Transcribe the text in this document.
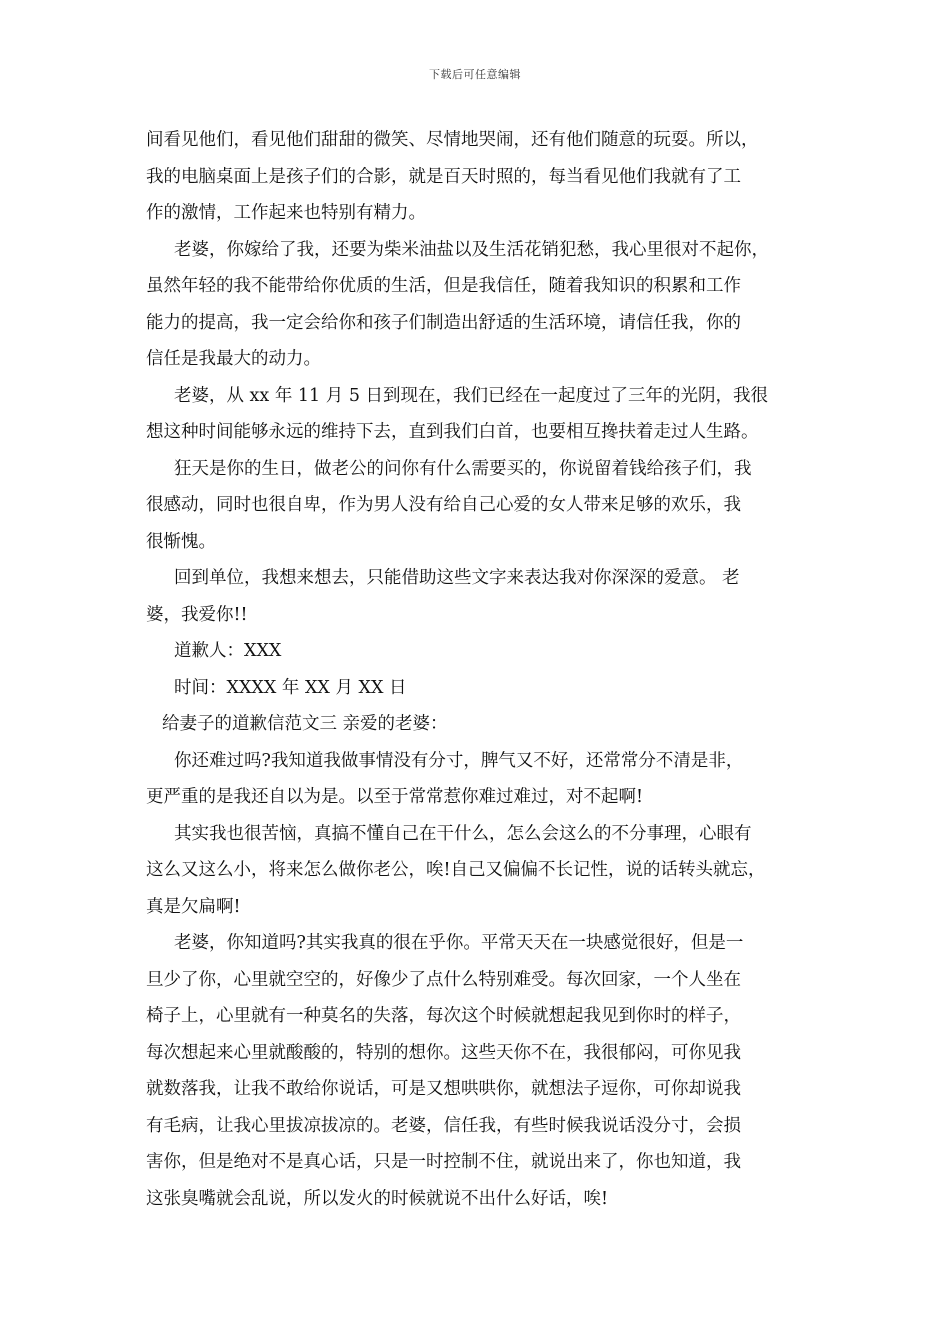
下载后可任意编辑
间看见他们，看见他们甜甜的微笑、尽情地哭闹，还有他们随意的玩耍。所以，
我的电脑桌面上是孩子们的合影，就是百天时照的，每当看见他们我就有了工
作的激情，工作起来也特别有精力。
老婆，你嫁给了我，还要为柴米油盐以及生活花销犯愁，我心里很对不起你，
虽然年轻的我不能带给你优质的生活，但是我信任，随着我知识的积累和工作
能力的提高，我一定会给你和孩子们制造出舒适的生活环境，请信任我，你的
信任是我最大的动力。
老婆，从 xx 年 11 月 5 日到现在，我们已经在一起度过了三年的光阴，我很
想这种时间能够永远的维持下去，直到我们白首，也要相互搀扶着走过人生路。
狂天是你的生日，做老公的问你有什么需要买的，你说留着钱给孩子们，我
很感动，同时也很自卑，作为男人没有给自己心爱的女人带来足够的欢乐，我
很惭愧。
回到单位，我想来想去，只能借助这些文字来表达我对你深深的爱意。 老
婆，我爱你!!
道歉人：XXX
时间：XXXX 年 XX 月 XX 日
给妻子的道歉信范文三 亲爱的老婆：
你还难过吗?我知道我做事情没有分寸，脾气又不好，还常常分不清是非，
更严重的是我还自以为是。以至于常常惹你难过难过，对不起啊!
其实我也很苦恼，真搞不懂自己在干什么，怎么会这么的不分事理，心眼有
这么又这么小，将来怎么做你老公，唉!自己又偏偏不长记性，说的话转头就忘，
真是欠扁啊!
老婆，你知道吗?其实我真的很在乎你。平常天天在一块感觉很好，但是一
旦少了你，心里就空空的，好像少了点什么特别难受。每次回家，一个人坐在
椅子上，心里就有一种莫名的失落，每次这个时候就想起我见到你时的样子，
每次想起来心里就酸酸的，特别的想你。这些天你不在，我很郁闷，可你见我
就数落我，让我不敢给你说话，可是又想哄哄你，就想法子逗你，可你却说我
有毛病，让我心里拔凉拔凉的。老婆，信任我，有些时候我说话没分寸，会损
害你，但是绝对不是真心话，只是一时控制不住，就说出来了，你也知道，我
这张臭嘴就会乱说，所以发火的时候就说不出什么好话，唉!
